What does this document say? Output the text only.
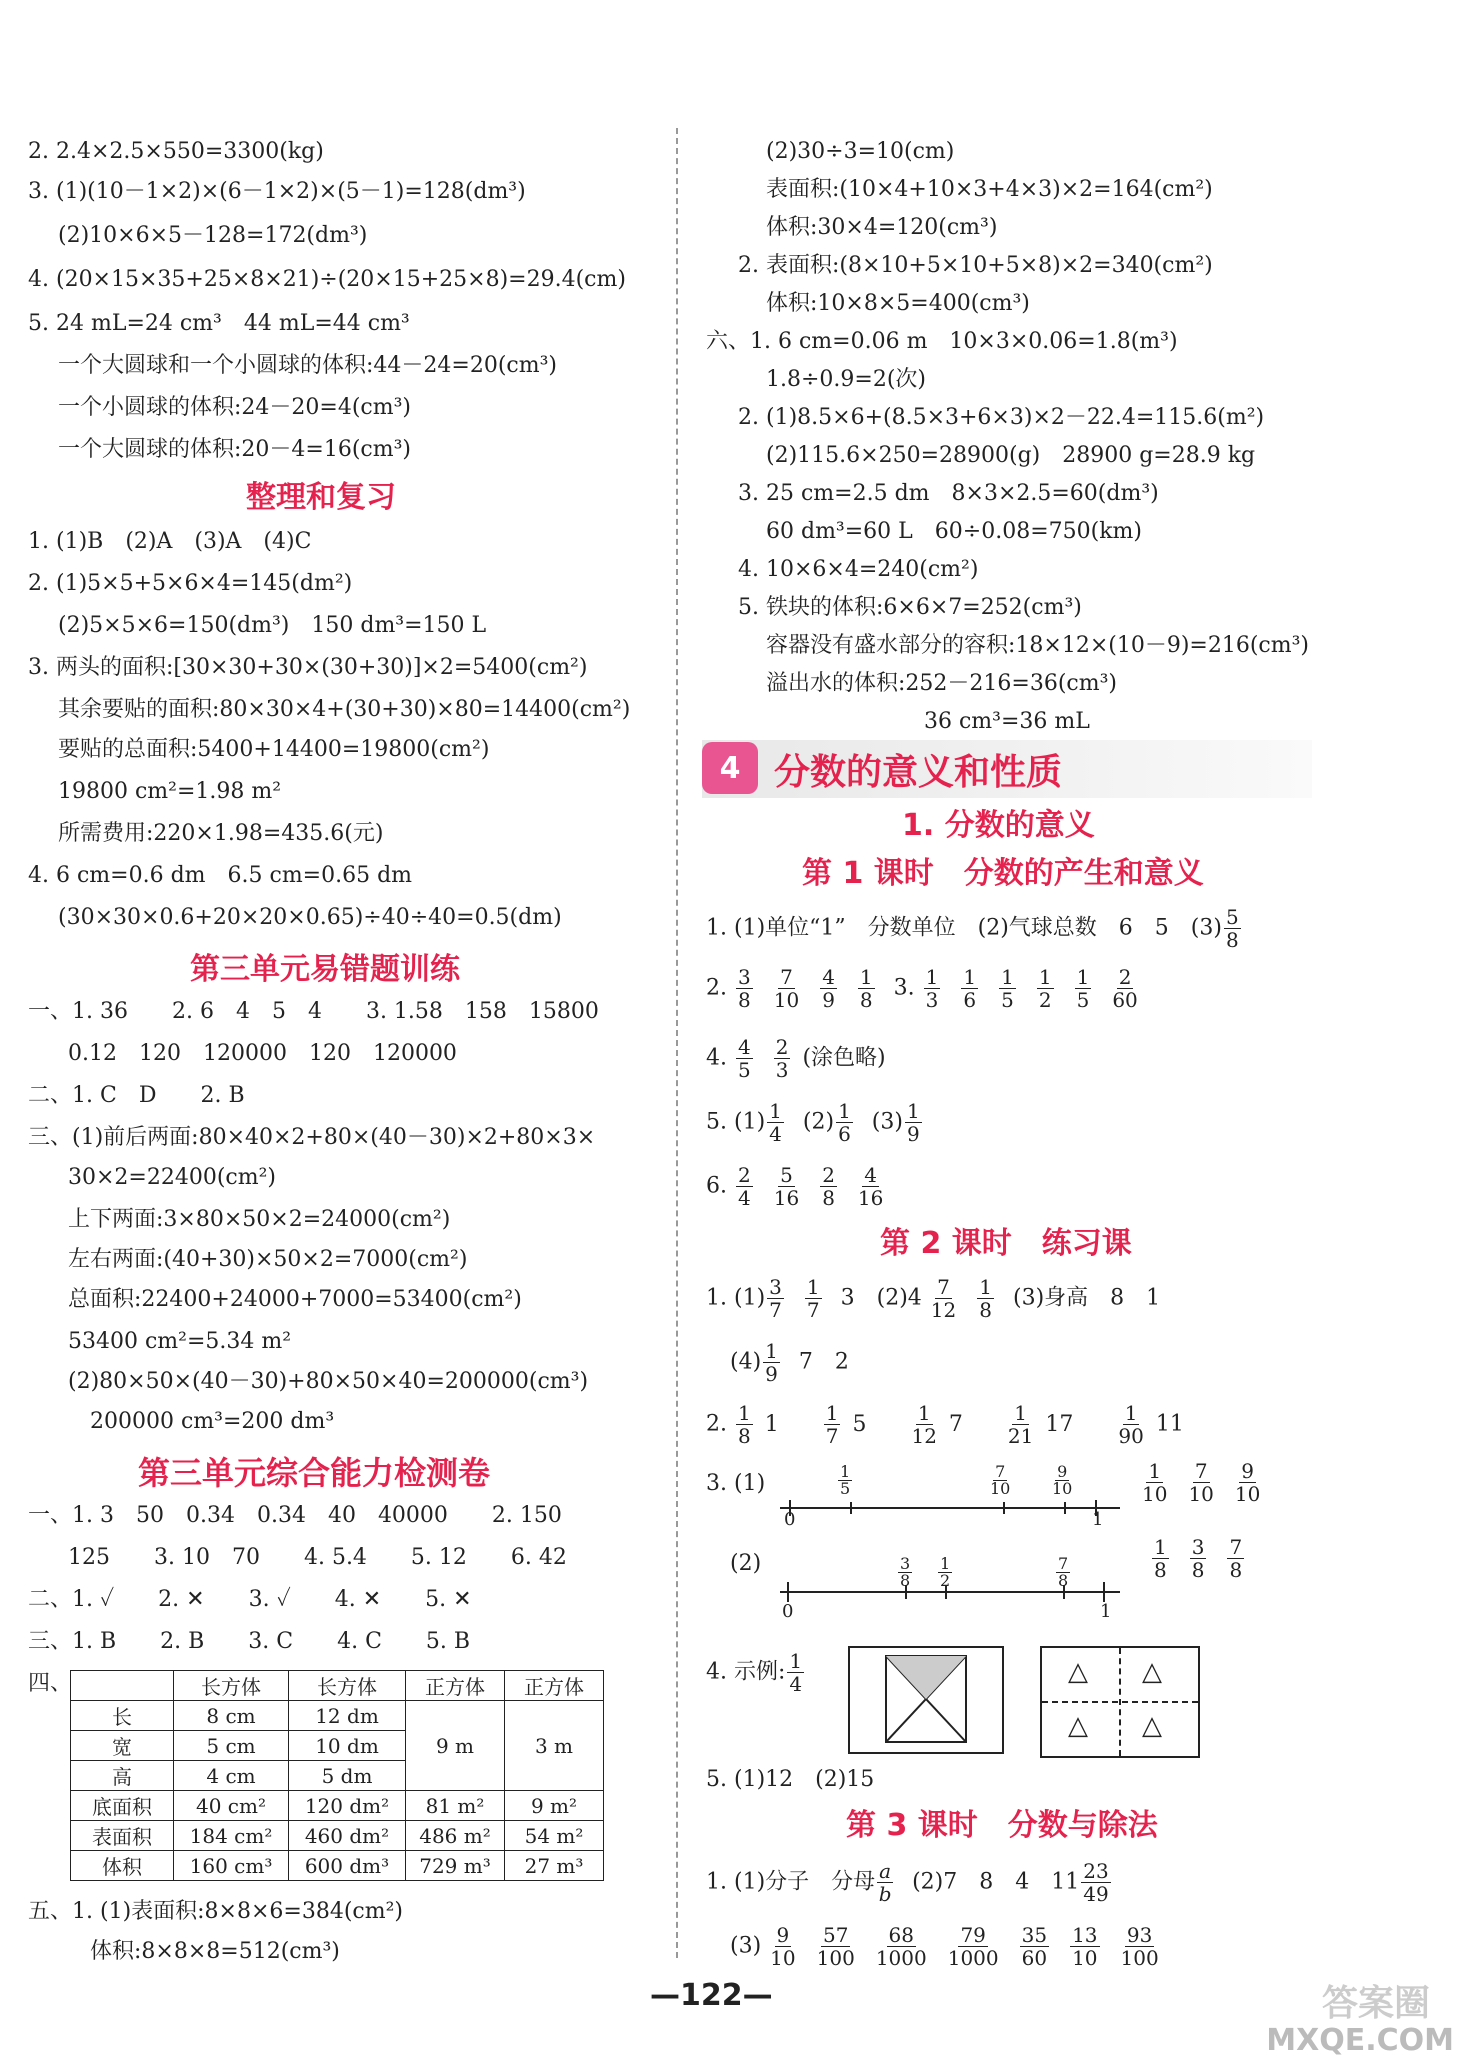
2. 2.4×2.5×550=3300(kg)
3. (1)(10－1×2)×(6－1×2)×(5－1)=128(dm³)
(2)10×6×5－128=172(dm³)
4. (20×15×35+25×8×21)÷(20×15+25×8)=29.4(cm)
5. 24 mL=24 cm³　44 mL=44 cm³
一个大圆球和一个小圆球的体积:44－24=20(cm³)
一个小圆球的体积:24－20=4(cm³)
一个大圆球的体积:20－4=16(cm³)
整理和复习
1. (1)B　(2)A　(3)A　(4)C
2. (1)5×5+5×6×4=145(dm²)
(2)5×5×6=150(dm³)　150 dm³=150 L
3. 两头的面积:[30×30+30×(30+30)]×2=5400(cm²)
其余要贴的面积:80×30×4+(30+30)×80=14400(cm²)
要贴的总面积:5400+14400=19800(cm²)
19800 cm²=1.98 m²
所需费用:220×1.98=435.6(元)
4. 6 cm=0.6 dm　6.5 cm=0.65 dm
(30×30×0.6+20×20×0.65)÷40÷40=0.5(dm)
第三单元易错题训练
一、1. 36　　2. 6　4　5　4　　3. 1.58　158　15800
0.12　120　120000　120　120000
二、1. C　D　　2. B
三、(1)前后两面:80×40×2+80×(40－30)×2+80×3×
30×2=22400(cm²)
上下两面:3×80×50×2=24000(cm²)
左右两面:(40+30)×50×2=7000(cm²)
总面积:22400+24000+7000=53400(cm²)
53400 cm²=5.34 m²
(2)80×50×(40－30)+80×50×40=200000(cm³)
200000 cm³=200 dm³
第三单元综合能力检测卷
一、1. 3　50　0.34　0.34　40　40000　　2. 150
125　　3. 10　70　　4. 5.4　　5. 12　　6. 42
二、1. ✓　　2. ✕　　3. ✓　　4. ✕　　5. ✕
三、1. B　　2. B　　3. C　　4. C　　5. B
四、
		长方体	长方体	正方体	正方体
长	8 cm	12 dm	9 m	3 m
宽	5 cm	10 dm		
高	4 cm	5 dm		
底面积	40 cm²	120 dm²	81 m²	9 m²
表面积	184 cm²	460 dm²	486 m²	54 m²
体积	160 cm³	600 dm³	729 m³	27 m³
五、1. (1)表面积:8×8×6=384(cm²)
体积:8×8×8=512(cm³)
(2)30÷3=10(cm)
表面积:(10×4+10×3+4×3)×2=164(cm²)
体积:30×4=120(cm³)
2. 表面积:(8×10+5×10+5×8)×2=340(cm²)
体积:10×8×5=400(cm³)
六、1. 6 cm=0.06 m　10×3×0.06=1.8(m³)
1.8÷0.9=2(次)
2. (1)8.5×6+(8.5×3+6×3)×2－22.4=115.6(m²)
(2)115.6×250=28900(g)　28900 g=28.9 kg
3. 25 cm=2.5 dm　8×3×2.5=60(dm³)
60 dm³=60 L　60÷0.08=750(km)
4. 10×6×4=240(cm²)
5. 铁块的体积:6×6×7=252(cm³)
容器没有盛水部分的容积:18×12×(10－9)=216(cm³)
溢出水的体积:252－216=36(cm³)
36 cm³=36 mL
4 分数的意义和性质
1. 分数的意义
第 1 课时　分数的产生和意义
1. (1)单位“1”　分数单位　(2)气球总数　6　5　$(3) \frac{5}{8}$
2. $\frac{3}{8}$
$\frac{7}{10}$
$\frac{4}{9}$
$\frac{1}{8} 3$. $\frac{1}{3}$
$\frac{1}{6}$
$\frac{1}{5}$
$\frac{1}{2}$
$\frac{1}{5}$
$\frac{2}{60}$
4. $\frac{4}{5}$
$\frac{2}{3}$ (涂色略)
5. $(1) \frac{1}{4} (2) \frac{1}{6} (3) \frac{1}{9}$
6. $\frac{2}{4}$
$\frac{5}{16}$
$\frac{2}{8}$
$\frac{4}{16}$
第 2 课时　练习课
1. $(1) \frac{3}{7}$
$\frac{1}{7} 3$　$(2)4 \frac{7}{12}$
$\frac{1}{8} (3)$身高　8　1
$(4) \frac{1}{9} 7$　2
2. $\frac{1}{8} 1 \frac{1}{7} 5 \frac{1}{12} 7 \frac{1}{21} 17 \frac{1}{90} 11$
3. (1)
0	1
$\frac{1}{5}$	$\frac{7}{10}$	$\frac{9}{10}$	$\frac{1}{10}$
$\frac{7}{10}$
$\frac{9}{10}$
(2)
0	1
$\frac{3}{8} \frac{1}{2}$	$\frac{7}{8}$	$\frac{1}{8}$
$\frac{3}{8}$
$\frac{7}{8}$
4. 示例: $\frac{1}{4}$	△ △
△ △
5. (1)12　(2)15
第 3 课时　分数与除法
1. (1)分子　分母 $\frac{a}{b} (2)7$　8　4　$11 \frac{23}{49}$
$(3) \frac{9}{10}$
$\frac{57}{100}$
$\frac{68}{1000}$
$\frac{79}{1000}$
$\frac{35}{60}$
$\frac{13}{10}$
$\frac{93}{100}$
—122—	答案圈
MXQE.COM
